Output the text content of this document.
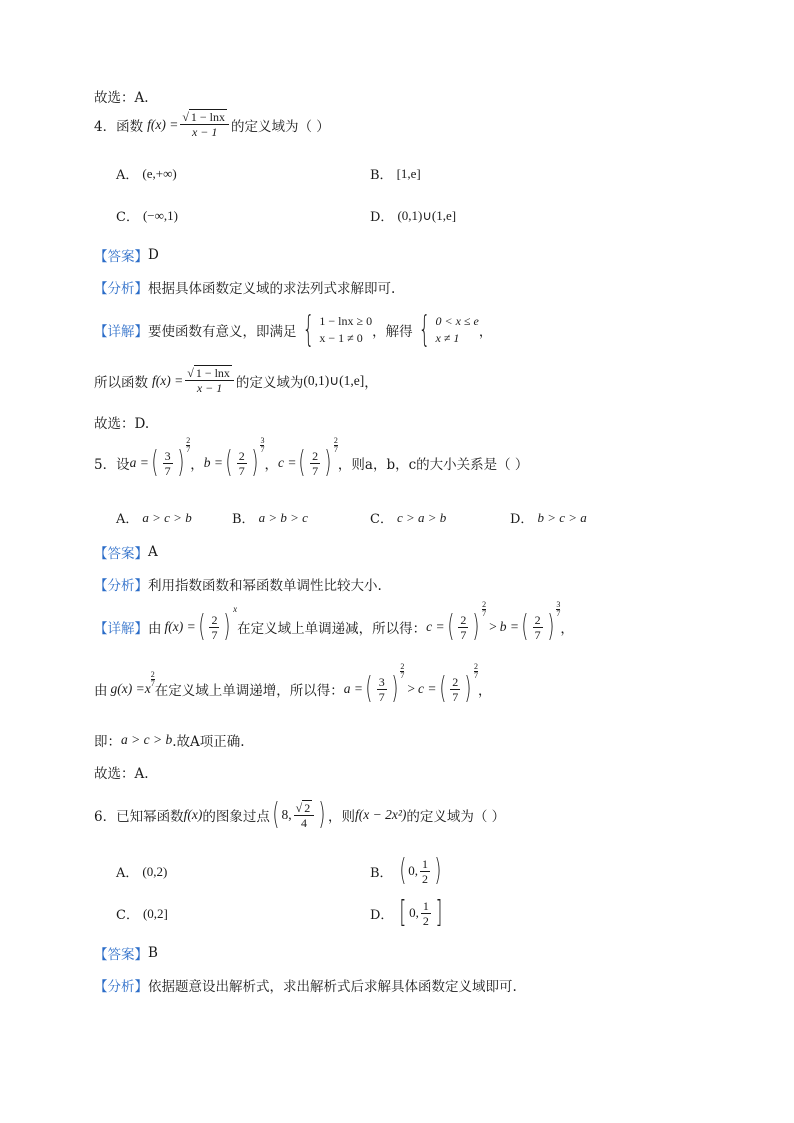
故选：A.
4． 函数 $f(x) = \frac{√ 1 - \ln x}{x - 1}$ 的定义域为（ ）
A． (e,+∞)	B． [1,e]
C． (−∞,1)	D． (0,1)∪(1,e]
【答案】 D
【分析】 根据具体函数定义域的求法列式求解即可.
【详解】 要使函数有意义，即满足 { 1 − lnx ≥ 0
x − 1 ≠ 0 ，解得 { 0 < x ≤ e
x ≠ 1	，
所以函数 $f(x) = \frac{√ 1 - \ln x}{x - 1}$ 的定义域为 (0,1)∪(1,e] ，
故选：D.
5． 设 a = ( $\frac{3}{7}$ )
2
7
， b = ( $\frac{2}{7}$ )
3
7
， c = ( $\frac{2}{7}$ )
2
7
，则a，b，c的大小关系是（ ）
A． a > c > b	B． a > b > c	C． c > a > b	D． b > c > a
【答案】 A
【分析】 利用指数函数和幂函数单调性比较大小.
【详解】 由 f(x) = ( $\frac{2}{7}$ ) x
在定义域上单调递减，所以得： c = ( $\frac{2}{7}$ )
2
7
> b = ( $\frac{2}{7}$ )
3
7
，
由 g(x) = x
2
7 在定义域上单调递增，所以得： a = ( $\frac{3}{7}$ )
2
7
> c = ( $\frac{2}{7}$ )
2
7
，
即： a > c > b .故A项正确.
故选：A.
6． 已知幂函数 f(x) 的图象过点 ( 8, $\frac{√ 2}{4}$ ) ，则 f(x − 2x²) 的定义域为（ ）
A． (0,2)	B． ( 0, $\frac{1}{2}$ )
C． (0,2]	D． [ 0, $\frac{1}{2}$ ]
【答案】 B
【分析】 依据题意设出解析式，求出解析式后求解具体函数定义域即可.
